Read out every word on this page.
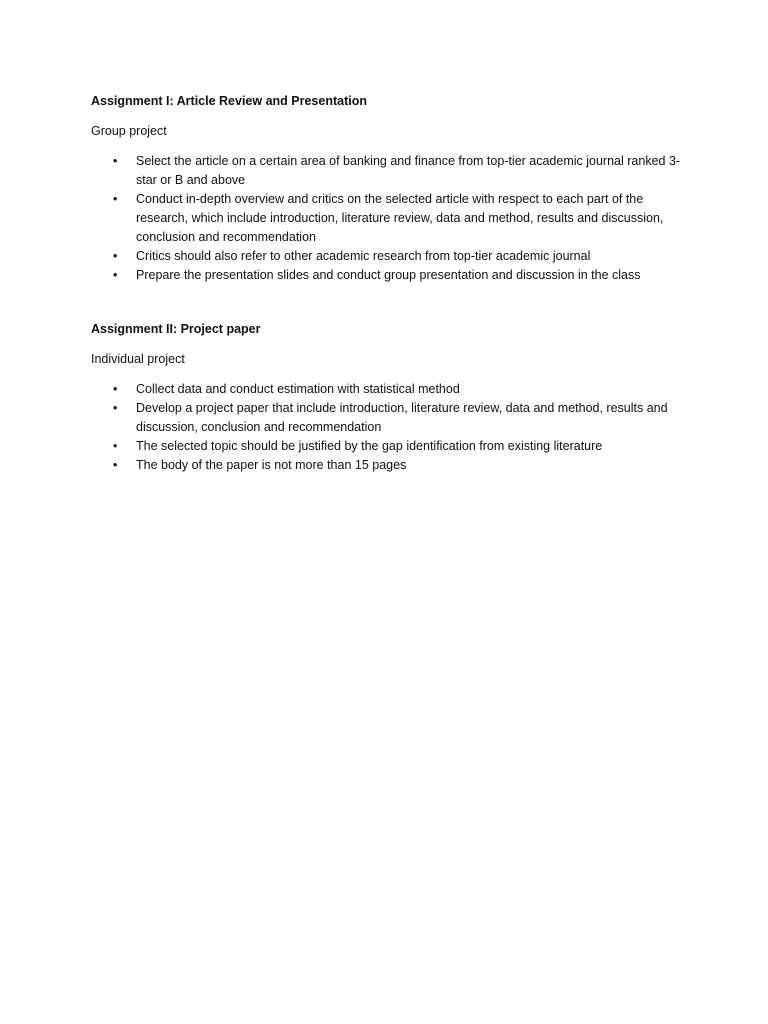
Assignment I: Article Review and Presentation

Group project

• Select the article on a certain area of banking and finance from top-tier academic journal ranked 3-star or B and above
• Conduct in-depth overview and critics on the selected article with respect to each part of the research, which include introduction, literature review, data and method, results and discussion, conclusion and recommendation
• Critics should also refer to other academic research from top-tier academic journal
• Prepare the presentation slides and conduct group presentation and discussion in the class

Assignment II: Project paper

Individual project

• Collect data and conduct estimation with statistical method
• Develop a project paper that include introduction, literature review, data and method, results and discussion, conclusion and recommendation
• The selected topic should be justified by the gap identification from existing literature
• The body of the paper is not more than 15 pages
